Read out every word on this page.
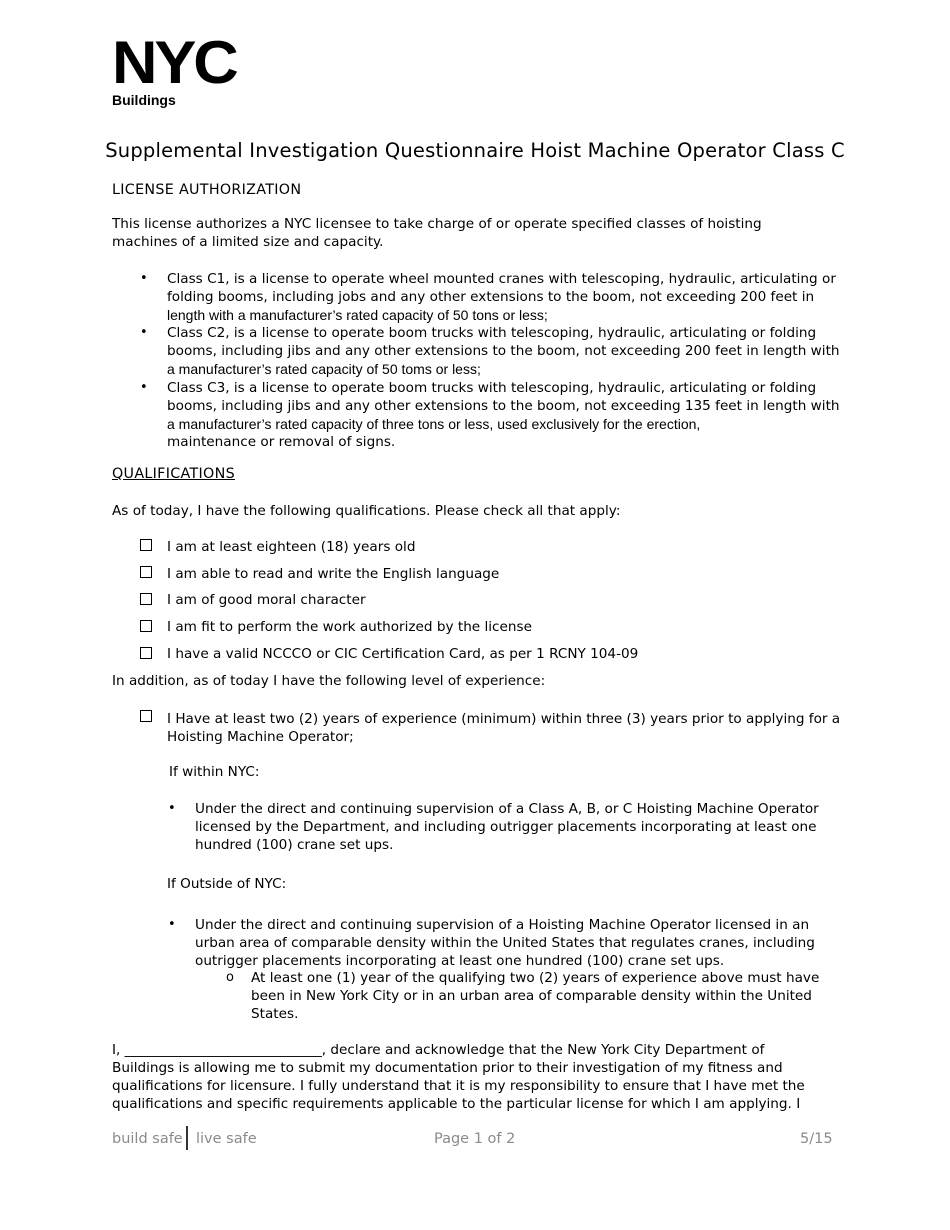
NYC
Buildings
Supplemental Investigation Questionnaire Hoist Machine Operator Class C
LICENSE AUTHORIZATION
This license authorizes a NYC licensee to take charge of or operate specified classes of hoisting
machines of a limited size and capacity.
• Class C1, is a license to operate wheel mounted cranes with telescoping, hydraulic, articulating or
folding booms, including jobs and any other extensions to the boom, not exceeding 200 feet in
length with a manufacturer’s rated capacity of 50 tons or less;
• Class C2, is a license to operate boom trucks with telescoping, hydraulic, articulating or folding
booms, including jibs and any other extensions to the boom, not exceeding 200 feet in length with
a manufacturer’s rated capacity of 50 toms or less;
• Class C3, is a license to operate boom trucks with telescoping, hydraulic, articulating or folding
booms, including jibs and any other extensions to the boom, not exceeding 135 feet in length with
a manufacturer’s rated capacity of three tons or less, used exclusively for the erection,
maintenance or removal of signs.
QUALIFICATIONS
As of today, I have the following qualifications. Please check all that apply:
I am at least eighteen (18) years old
I am able to read and write the English language
I am of good moral character
I am fit to perform the work authorized by the license
I have a valid NCCCO or CIC Certification Card, as per 1 RCNY 104-09
In addition, as of today I have the following level of experience:
I Have at least two (2) years of experience (minimum) within three (3) years prior to applying for a
Hoisting Machine Operator;
If within NYC:
• Under the direct and continuing supervision of a Class A, B, or C Hoisting Machine Operator
licensed by the Department, and including outrigger placements incorporating at least one
hundred (100) crane set ups.
If Outside of NYC:
• Under the direct and continuing supervision of a Hoisting Machine Operator licensed in an
urban area of comparable density within the United States that regulates cranes, including
outrigger placements incorporating at least one hundred (100) crane set ups.
o At least one (1) year of the qualifying two (2) years of experience above must have
been in New York City or in an urban area of comparable density within the United
States.
I, _____________________________, declare and acknowledge that the New York City Department of
Buildings is allowing me to submit my documentation prior to their investigation of my fitness and
qualifications for licensure. I fully understand that it is my responsibility to ensure that I have met the
qualifications and specific requirements applicable to the particular license for which I am applying. I
build safe live safe	Page 1 of 2	5/15
